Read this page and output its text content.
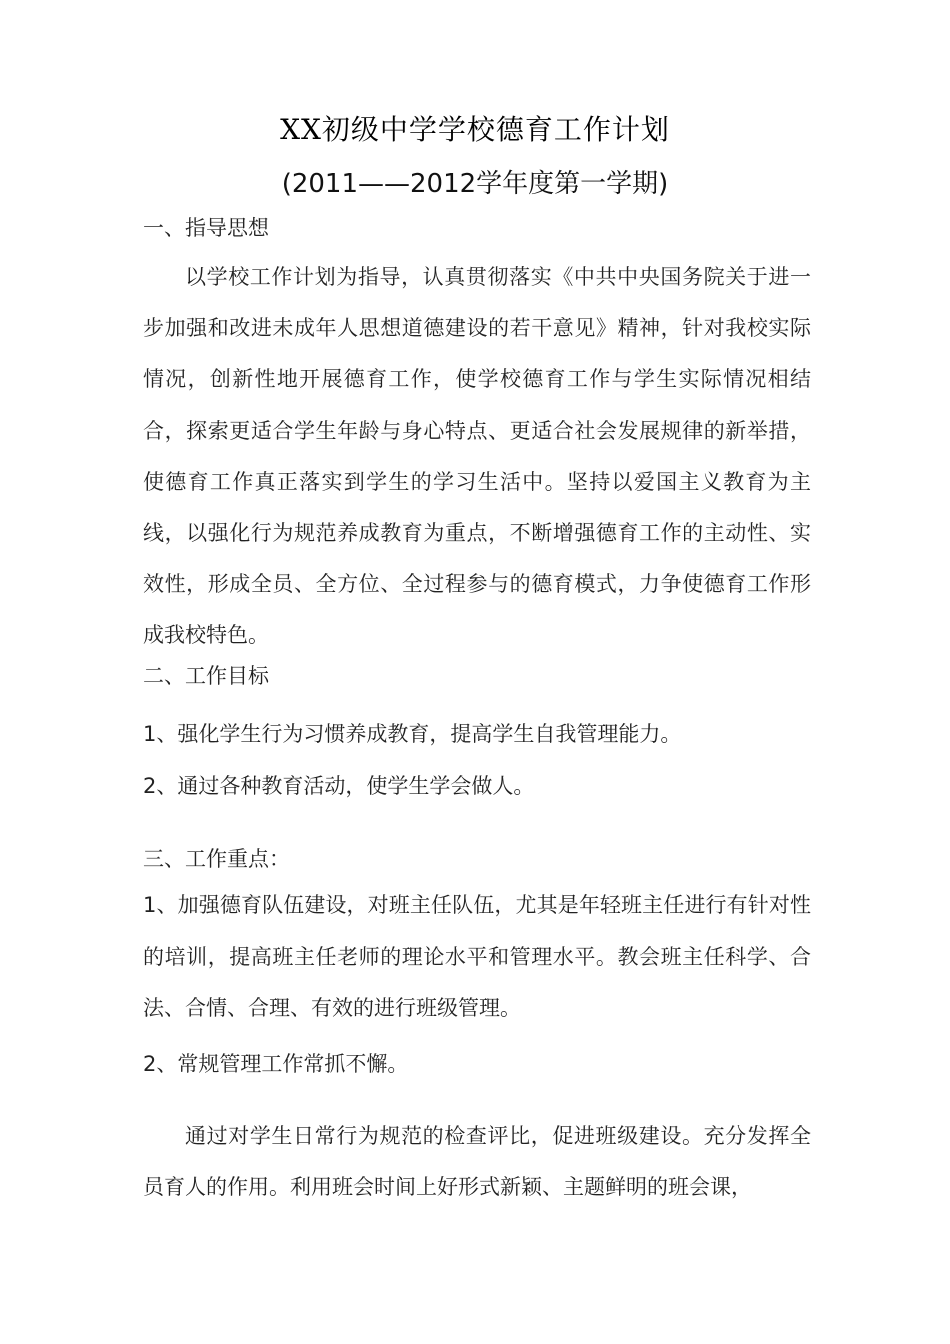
XX初级中学学校德育工作计划
(2011——2012学年度第一学期)
一、指导思想

以学校工作计划为指导，认真贯彻落实《中共中央国务院关于进一步加强和改进未成年人思想道德建设的若干意见》精神，针对我校实际情况，创新性地开展德育工作，使学校德育工作与学生实际情况相结合，探索更适合学生年龄与身心特点、更适合社会发展规律的新举措，使德育工作真正落实到学生的学习生活中。坚持以爱国主义教育为主线，以强化行为规范养成教育为重点，不断增强德育工作的主动性、实效性，形成全员、全方位、全过程参与的德育模式，力争使德育工作形成我校特色。

二、工作目标
1、强化学生行为习惯养成教育，提高学生自我管理能力。
2、通过各种教育活动，使学生学会做人。
三、工作重点：

1、加强德育队伍建设，对班主任队伍，尤其是年轻班主任进行有针对性的培训，提高班主任老师的理论水平和管理水平。教会班主任科学、合法、合情、合理、有效的进行班级管理。

2、常规管理工作常抓不懈。

通过对学生日常行为规范的检查评比，促进班级建设。充分发挥全员育人的作用。利用班会时间上好形式新颖、主题鲜明的班会课，
